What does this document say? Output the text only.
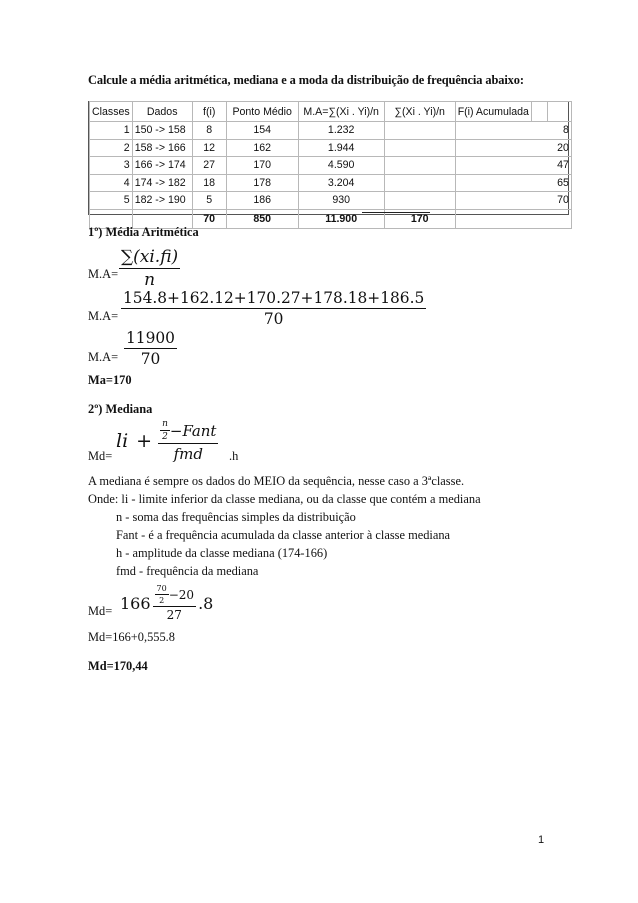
Calcule a média aritmética, mediana e a moda da distribuição de frequência abaixo:
Classes	Dados	f(i)	Ponto Médio	M.A=∑(Xi . Yi)/n	∑(Xi . Yi)/n	F(i) Acumulada		
1	150 -> 158	8	154	1.232		8		
2	158 -> 166	12	162	1.944		20		
3	166 -> 174	27	170	4.590		47		
4	174 -> 182	18	178	3.204		65		
5	182 -> 190	5	186	930		70		
		70	850	11.900	170			
1º) Média Aritmética
$M.A= \frac{\sum(xi.fi)}{n}$
$M.A= \frac{154.8+162.12+170.27+178.18+186.5}{70}$
$M.A= \frac{11900}{70}$
Ma=170
2º) Mediana
Md=
li + $\frac{\frac{n}{2} -Fant}{\text{fmd}} .h$
A mediana é sempre os dados do MEIO da sequência, nesse caso a 3ªclasse.
Onde: li - limite inferior da classe mediana, ou da classe que contém a mediana
n - soma das frequências simples da distribuição
Fant - é a frequência acumulada da classe anterior à classe mediana
h - amplitude da classe mediana (174-166)
fmd - frequência da mediana
$Md= 166 \frac{\frac{70}{2} -20}{27} .8$
Md=166+0,555.8
Md=170,44
1
